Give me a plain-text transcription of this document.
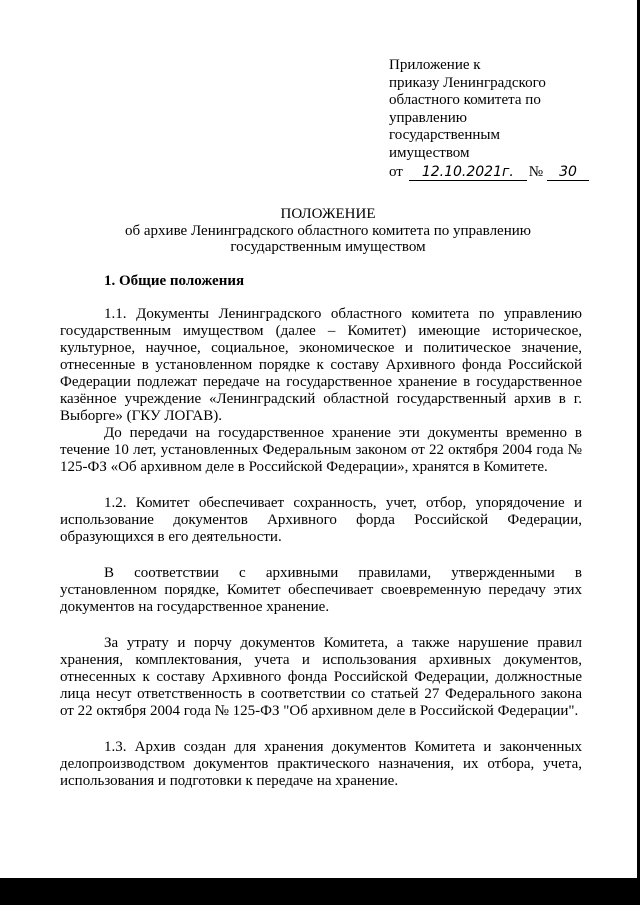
Приложение к
приказу Ленинградского
областного комитета по
управлению
государственным
имуществом
от	12.10.2021г. №	30
ПОЛОЖЕНИЕ
об архиве Ленинградского областного комитета по управлению
государственным имуществом
1. Общие положения

1.1. Документы Ленинградского областного комитета по управлению государственным имуществом (далее – Комитет) имеющие историческое, культурное, научное, социальное, экономическое и политическое значение, отнесенные в установленном порядке к составу Архивного фонда Российской Федерации подлежат передаче на государственное хранение в государственное казённое учреждение «Ленинградский областной государственный архив в г. Выборге» (ГКУ ЛОГАВ).

До передачи на государственное хранение эти документы временно в течение 10 лет, установленных Федеральным законом от 22 октября 2004 года № 125-ФЗ «Об архивном деле в Российской Федерации», хранятся в Комитете.

1.2. Комитет обеспечивает сохранность, учет, отбор, упорядочение и использование документов Архивного форда Российской Федерации, образующихся в его деятельности.

В соответствии с архивными правилами, утвержденными в установленном порядке, Комитет обеспечивает своевременную передачу этих документов на государственное хранение.

За утрату и порчу документов Комитета, а также нарушение правил хранения, комплектования, учета и использования архивных документов, отнесенных к составу Архивного фонда Российской Федерации, должностные лица несут ответственность в соответствии со статьей 27 Федерального закона от 22 октября 2004 года № 125-ФЗ "Об архивном деле в Российской Федерации".

1.3. Архив создан для хранения документов Комитета и законченных делопроизводством документов практического назначения, их отбора, учета, использования и подготовки к передаче на хранение.
